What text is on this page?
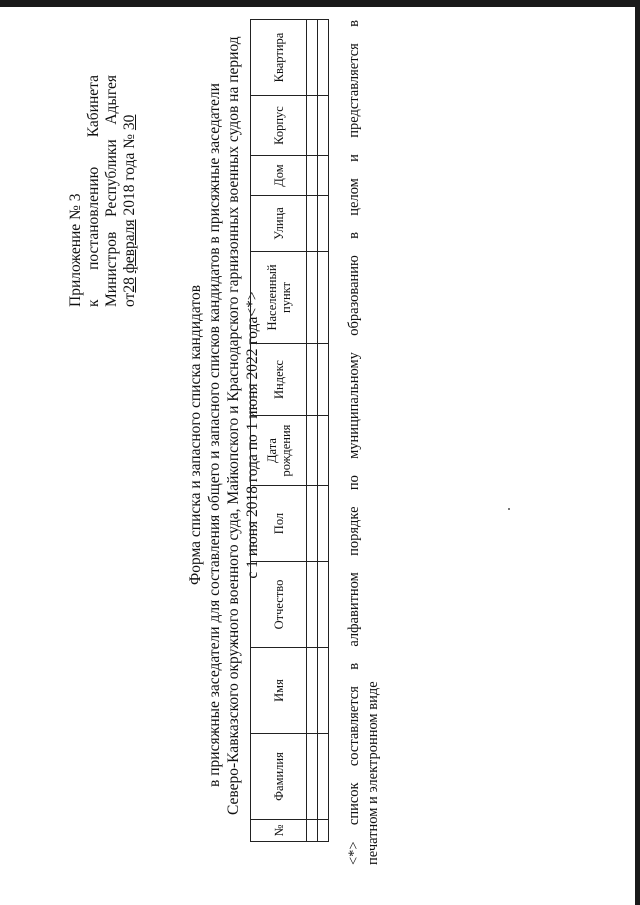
Приложение № 3 к
постановлению
Кабинета
Министров
Республики
Адыгея
от
28

февраля

2018 года №

30
Форма списка и запасного списка кандидатов в присяжные заседатели для составления общего и запасного списков кандидатов в присяжные заседатели Северо-Кавказского окружного военного суда, Майкопского и Краснодарского гарнизонных военных судов на период с 1 июня 2018 года по 1 июня 2022 года<*>
№	Фамилия	Имя	Отчество	Пол	Дата рождения	Индекс	Населенный пункт	Улица	Дом	Корпус	Квартира

<*>
список
составляется
в
алфавитном
порядке
по
муниципальному
образованию
в
целом
и
представляется
в
печатном и электронном виде
